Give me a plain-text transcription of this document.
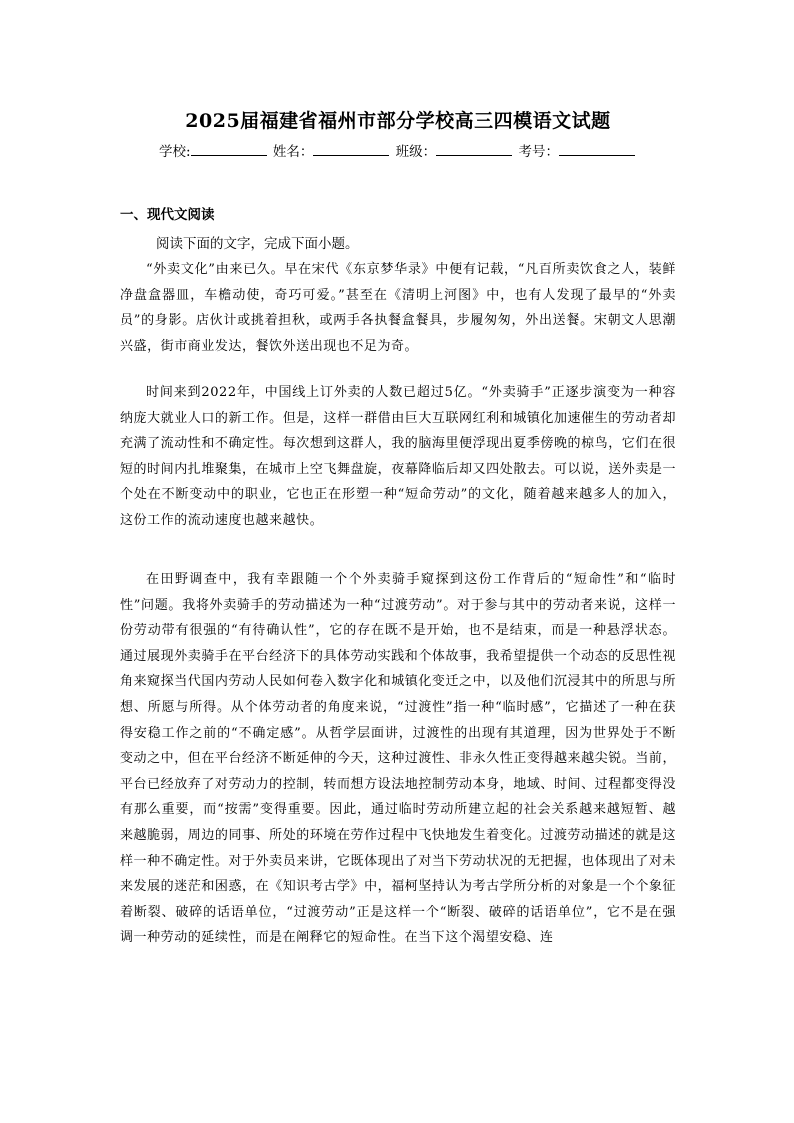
2025届福建省福州市部分学校高三四模语文试题
学校:	姓名：	班级：	考号：
一、现代文阅读
阅读下面的文字，完成下面小题。

“外卖文化”由来已久。早在宋代《东京梦华录》中便有记载，“凡百所卖饮食之人，装鲜净盘盒器皿，车檐动使，奇巧可爱。”甚至在《清明上河图》中，也有人发现了最早的“外卖员”的身影。店伙计或挑着担秋，或两手各执餐盒餐具，步履匆匆，外出送餐。宋朝文人思潮兴盛，街市商业发达，餐饮外送出现也不足为奇。

时间来到2022年，中国线上订外卖的人数已超过5亿。“外卖骑手”正逐步演变为一种容纳庞大就业人口的新工作。但是，这样一群借由巨大互联网红利和城镇化加速催生的劳动者却充满了流动性和不确定性。每次想到这群人，我的脑海里便浮现出夏季傍晚的椋鸟，它们在很短的时间内扎堆聚集，在城市上空飞舞盘旋，夜幕降临后却又四处散去。可以说，送外卖是一个处在不断变动中的职业，它也正在形塑一种“短命劳动”的文化，随着越来越多人的加入，这份工作的流动速度也越来越快。

在田野调查中，我有幸跟随一个个外卖骑手窥探到这份工作背后的“短命性”和“临时性”问题。我将外卖骑手的劳动描述为一种“过渡劳动”。对于参与其中的劳动者来说，这样一份劳动带有很强的“有待确认性”，它的存在既不是开始，也不是结束，而是一种悬浮状态。通过展现外卖骑手在平台经济下的具体劳动实践和个体故事，我希望提供一个动态的反思性视角来窥探当代国内劳动人民如何卷入数字化和城镇化变迁之中，以及他们沉浸其中的所思与所想、所愿与所得。从个体劳动者的角度来说，“过渡性”指一种“临时感”，它描述了一种在获得安稳工作之前的“不确定感”。从哲学层面讲，过渡性的出现有其道理，因为世界处于不断变动之中，但在平台经济不断延伸的今天，这种过渡性、非永久性正变得越来越尖锐。当前，平台已经放弃了对劳动力的控制，转而想方设法地控制劳动本身，地域、时间、过程都变得没有那么重要，而“按需”变得重要。因此，通过临时劳动所建立起的社会关系越来越短暂、越来越脆弱，周边的同事、所处的环境在劳作过程中飞快地发生着变化。过渡劳动描述的就是这样一种不确定性。对于外卖员来讲，它既体现出了对当下劳动状况的无把握，也体现出了对未来发展的迷茫和困惑，在《知识考古学》中，福柯坚持认为考古学所分析的对象是一个个象征着断裂、破碎的话语单位，“过渡劳动”正是这样一个“断裂、破碎的话语单位”，它不是在强调一种劳动的延续性，而是在阐释它的短命性。在当下这个渴望安稳、连
